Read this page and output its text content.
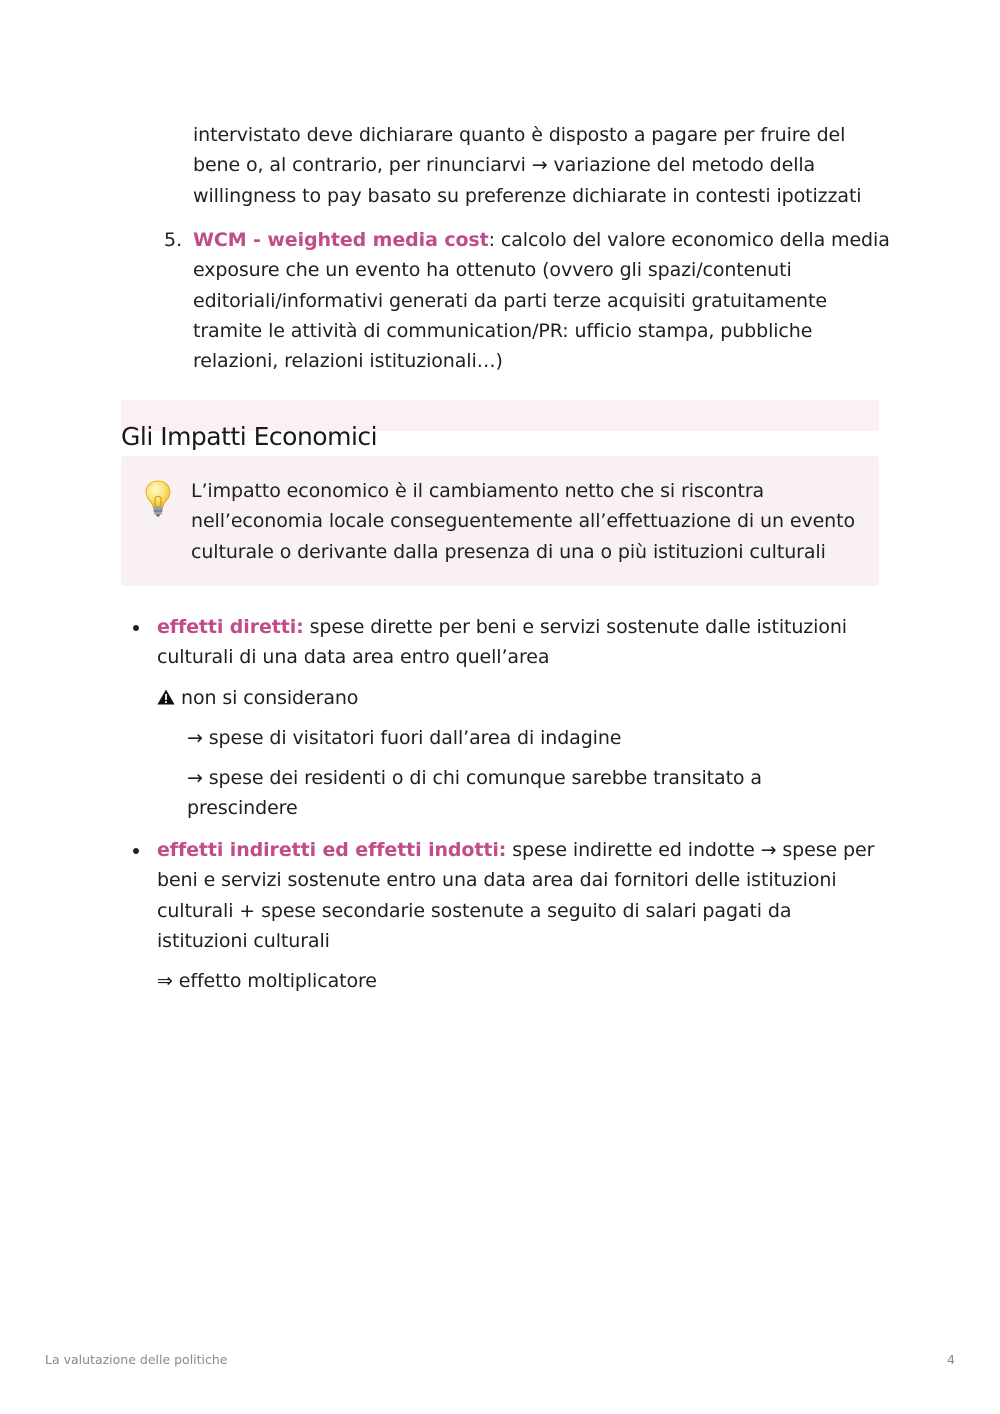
intervistato deve dichiarare quanto è disposto a pagare per fruire del bene o, al contrario, per rinunciarvi → variazione del metodo della willingness to pay basato su preferenze dichiarate in contesti ipotizzati
5. WCM - weighted media cost: calcolo del valore economico della media exposure che un evento ha ottenuto (ovvero gli spazi/contenuti editoriali/informativi generati da parti terze acquisiti gratuitamente tramite le attività di communication/PR: ufficio stampa, pubbliche relazioni, relazioni istituzionali…)
Gli Impatti Economici
L’impatto economico è il cambiamento netto che si riscontra nell’economia locale conseguentemente all’effettuazione di un evento culturale o derivante dalla presenza di una o più istituzioni culturali
effetti diretti: spese dirette per beni e servizi sostenute dalle istituzioni culturali di una data area entro quell’area
non si considerano
→ spese di visitatori fuori dall’area di indagine
→ spese dei residenti o di chi comunque sarebbe transitato a prescindere
effetti indiretti ed effetti indotti: spese indirette ed indotte → spese per beni e servizi sostenute entro una data area dai fornitori delle istituzioni culturali + spese secondarie sostenute a seguito di salari pagati da istituzioni culturali
⇒ effetto moltiplicatore
La valutazione delle politiche	4
